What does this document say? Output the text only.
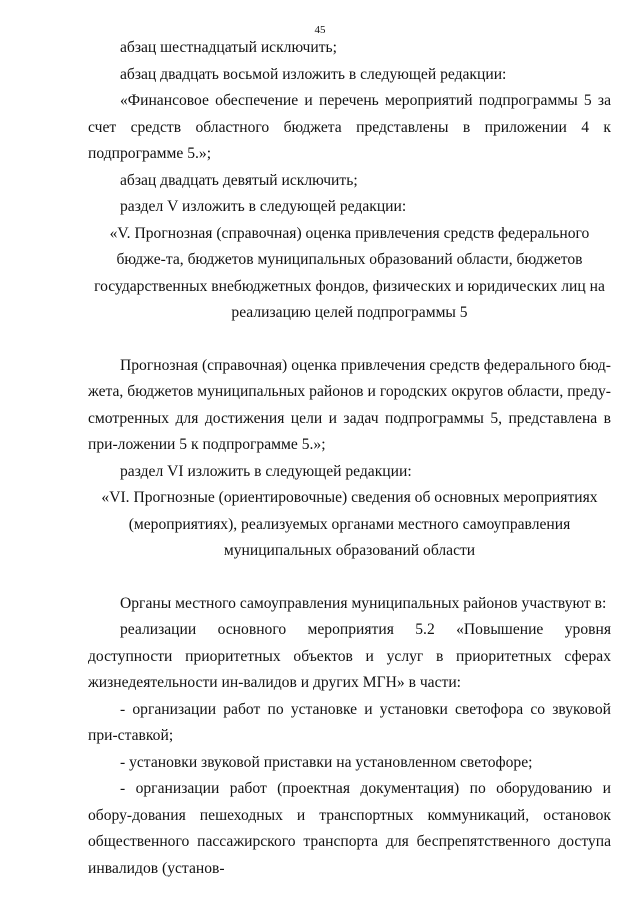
45

абзац шестнадцатый исключить;

абзац двадцать восьмой изложить в следующей редакции:

«Финансовое обеспечение и перечень мероприятий подпрограммы 5 за счет средств областного бюджета представлены в приложении 4 к подпрограмме 5.»;

абзац двадцать девятый исключить;

раздел V изложить в следующей редакции:

«V. Прогнозная (справочная) оценка привлечения средств федерального бюдже-та, бюджетов муниципальных образований области, бюджетов государственных внебюджетных фондов, физических и юридических лиц на реализацию целей подпрограммы 5

Прогнозная (справочная) оценка привлечения средств федерального бюд-жета, бюджетов муниципальных районов и городских округов области, преду-смотренных для достижения цели и задач подпрограммы 5, представлена в при-ложении 5 к подпрограмме 5.»;

раздел VI изложить в следующей редакции:

«VI. Прогнозные (ориентировочные) сведения об основных мероприятиях (мероприятиях), реализуемых органами местного самоуправления муниципальных образований области

Органы местного самоуправления муниципальных районов участвуют в:

реализации основного мероприятия 5.2 «Повышение уровня доступности приоритетных объектов и услуг в приоритетных сферах жизнедеятельности ин-валидов и других МГН» в части:

- организации работ по установке и установки светофора со звуковой при-ставкой;

- установки звуковой приставки на установленном светофоре;

- организации работ (проектная документация) по оборудованию и обору-дования пешеходных и транспортных коммуникаций, остановок общественного пассажирского транспорта для беспрепятственного доступа инвалидов (установ-
